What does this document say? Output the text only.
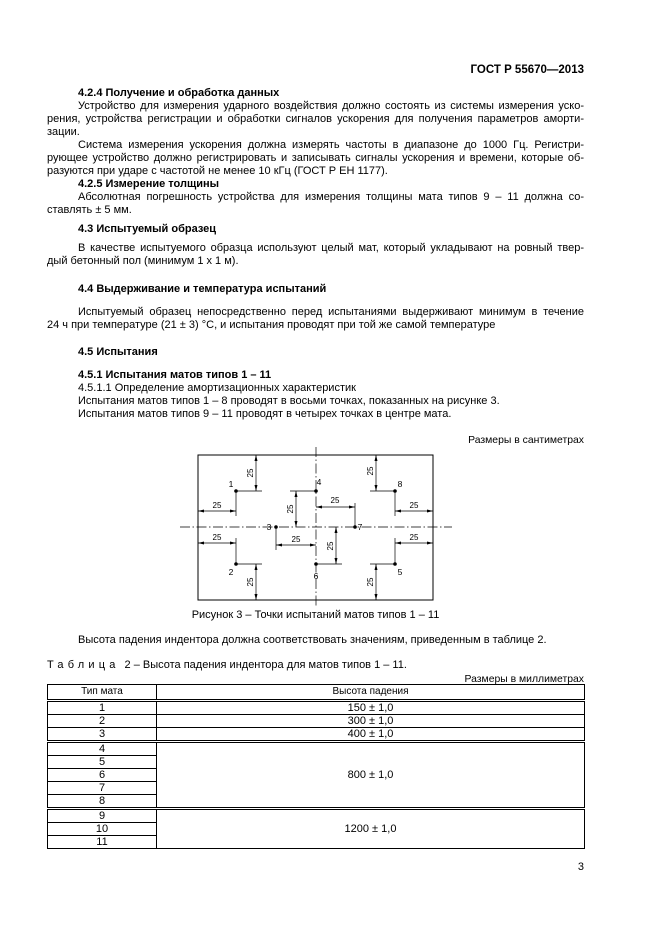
ГОСТ Р 55670—2013
4.2.4 Получение и обработка данных
Устройство для измерения ударного воздействия должно состоять из системы измерения уско-
рения, устройства регистрации и обработки сигналов ускорения для получения параметров аморти-
зации.
Система измерения ускорения должна измерять частоты в диапазоне до 1000 Гц. Регистри-
рующее устройство должно регистрировать и записывать сигналы ускорения и времени, которые об-
разуются при ударе с частотой не менее 10 кГц (ГОСТ Р ЕН 1177).
4.2.5 Измерение толщины
Абсолютная погрешность устройства для измерения толщины мата типов 9 – 11 должна со-
ставлять ± 5 мм.
4.3 Испытуемый образец
В качестве испытуемого образца используют целый мат, который укладывают на ровный твер-
дый бетонный пол (минимум 1 х 1 м).
4.4 Выдерживание и температура испытаний
Испытуемый образец непосредственно перед испытаниями выдерживают минимум в течение
24 ч при температуре (21 ± 3) °С, и испытания проводят при той же самой температуре
4.5 Испытания
4.5.1 Испытания матов типов 1 – 11
4.5.1.1 Определение амортизационных характеристик
Испытания матов типов 1 – 8 проводят в восьми точках, показанных на рисунке 3.
Испытания матов типов 9 – 11 проводят в четырех точках в центре мата.
Размеры в сантиметрах
1
2
3
4
5
6
7
8
25
25
25
25
25
25
25
25
25
25
25
25
Рисунок 3 – Точки испытаний матов типов 1 – 11
Высота падения индентора должна соответствовать значениям, приведенным в таблице 2.
Таблица 2 – Высота падения индентора для матов типов 1 – 11.
Размеры в миллиметрах
Тип мата	Высота падения
1	150 ± 1,0
2	300 ± 1,0
3	400 ± 1,0
4	800 ± 1,0
5	
6	
7	
8	
9	1200 ± 1,0
10	
11	
3
